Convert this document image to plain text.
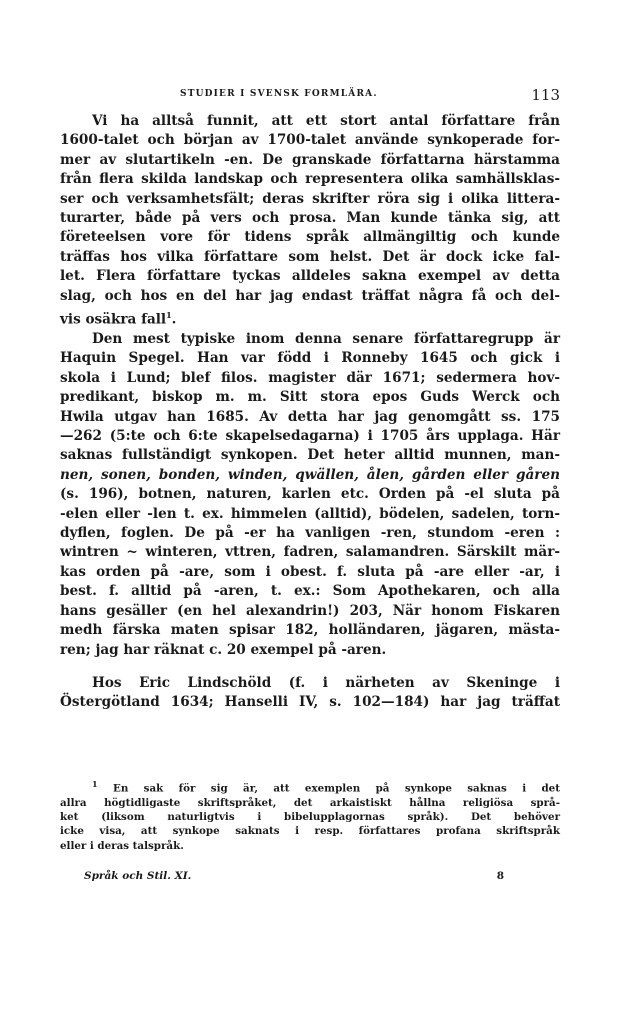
STUDIER I SVENSK FORMLÄRA.	113
Vi ha alltså funnit, att ett stort antal författare från
1600-talet och början av 1700-talet använde synkoperade for-
mer av slutartikeln -en. De granskade författarna härstamma
från flera skilda landskap och representera olika samhällsklas-
ser och verksamhetsfält; deras skrifter röra sig i olika littera-
turarter, både på vers och prosa. Man kunde tänka sig, att
företeelsen vore för tidens språk allmängiltig och kunde
träffas hos vilka författare som helst. Det är dock icke fal-
let. Flera författare tyckas alldeles sakna exempel av detta
slag, och hos en del har jag endast träffat några få och del-
vis osäkra fall$^1$.
Den mest typiske inom denna senare författaregrupp är
Haquin Spegel. Han var född i Ronneby 1645 och gick i
skola i Lund; blef filos. magister där 1671; sedermera hov-
predikant, biskop m. m. Sitt stora epos Guds Werck och
Hwila utgav han 1685. Av detta har jag genomgått ss. 175
—262 (5:te och 6:te skapelsedagarna) i 1705 års upplaga. Här
saknas fullständigt synkopen. Det heter alltid munnen, man-
nen, sonen, bonden, winden, qwällen, ålen, gården eller gåren
(s. 196), botnen, naturen, karlen etc. Orden på -el sluta på
-elen eller -len t. ex. himmelen (alltid), bödelen, sadelen, torn-
dyflen, foglen. De på -er ha vanligen -ren, stundom -eren :
wintren ~ winteren, vttren, fadren, salamandren. Särskilt mär-
kas orden på -are, som i obest. f. sluta på -are eller -ar, i
best. f. alltid på -aren, t. ex.: Som Apothekaren, och alla
hans gesäller (en hel alexandrin!) 203, När honom Fiskaren
medh färska maten spisar 182, holländaren, jägaren, mästa-
ren; jag har räknat c. 20 exempel på -aren.
Hos Eric Lindschöld (f. i närheten av Skeninge i
Östergötland 1634; Hanselli IV, s. 102—184) har jag träffat
$^1$ En sak för sig är, att exemplen på synkope saknas i det
allra högtidligaste skriftspråket, det arkaistiskt hållna religiösa språ-
ket (liksom naturligtvis i bibelupplagornas språk). Det behöver
icke visa, att synkope saknats i resp. författares profana skriftspråk
eller i deras talspråk.
Språk och Stil. XI.	8
